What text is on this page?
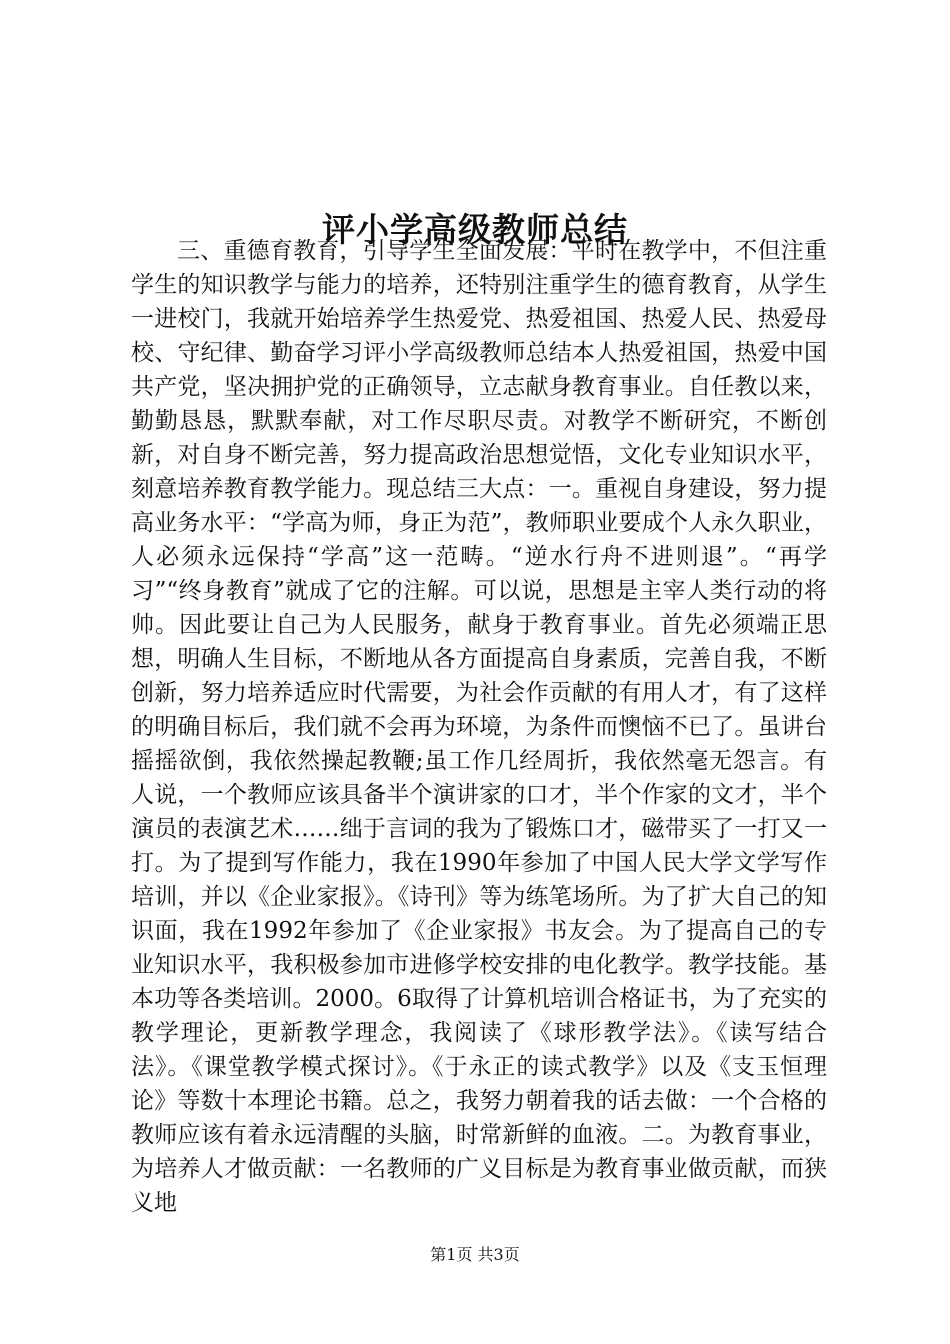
评小学高级教师总结

三、重德育教育，引导学生全面发展：平时在教学中，不但注重学生的知识教学与能力的培养，还特别注重学生的德育教育，从学生一进校门，我就开始培养学生热爱党、热爱祖国、热爱人民、热爱母校、守纪律、勤奋学习评小学高级教师总结本人热爱祖国，热爱中国共产党，坚决拥护党的正确领导，立志献身教育事业。自任教以来，勤勤恳恳，默默奉献，对工作尽职尽责。对教学不断研究，不断创新，对自身不断完善，努力提高政治思想觉悟，文化专业知识水平，刻意培养教育教学能力。现总结三大点：一。重视自身建设，努力提高业务水平：“学高为师，身正为范”，教师职业要成个人永久职业，人必须永远保持“学高”这一范畴。“逆水行舟不进则退”。“再学习”“终身教育”就成了它的注解。可以说，思想是主宰人类行动的将帅。因此要让自己为人民服务，献身于教育事业。首先必须端正思想，明确人生目标，不断地从各方面提高自身素质，完善自我，不断创新，努力培养适应时代需要，为社会作贡献的有用人才，有了这样的明确目标后，我们就不会再为环境，为条件而懊恼不已了。虽讲台摇摇欲倒，我依然操起教鞭;虽工作几经周折，我依然毫无怨言。有人说，一个教师应该具备半个演讲家的口才，半个作家的文才，半个演员的表演艺术……绌于言词的我为了锻炼口才，磁带买了一打又一打。为了提到写作能力，我在1990年参加了中国人民大学文学写作培训，并以《企业家报》。《诗刊》等为练笔场所。为了扩大自己的知识面，我在1992年参加了《企业家报》书友会。为了提高自己的专业知识水平，我积极参加市进修学校安排的电化教学。教学技能。基本功等各类培训。2000。6取得了计算机培训合格证书，为了充实的教学理论，更新教学理念，我阅读了《球形教学法》。《读写结合法》。《课堂教学模式探讨》。《于永正的读式教学》以及《支玉恒理论》等数十本理论书籍。总之，我努力朝着我的话去做：一个合格的教师应该有着永远清醒的头脑，时常新鲜的血液。二。为教育事业，为培养人才做贡献：一名教师的广义目标是为教育事业做贡献，而狭义地

第1页 共3页
